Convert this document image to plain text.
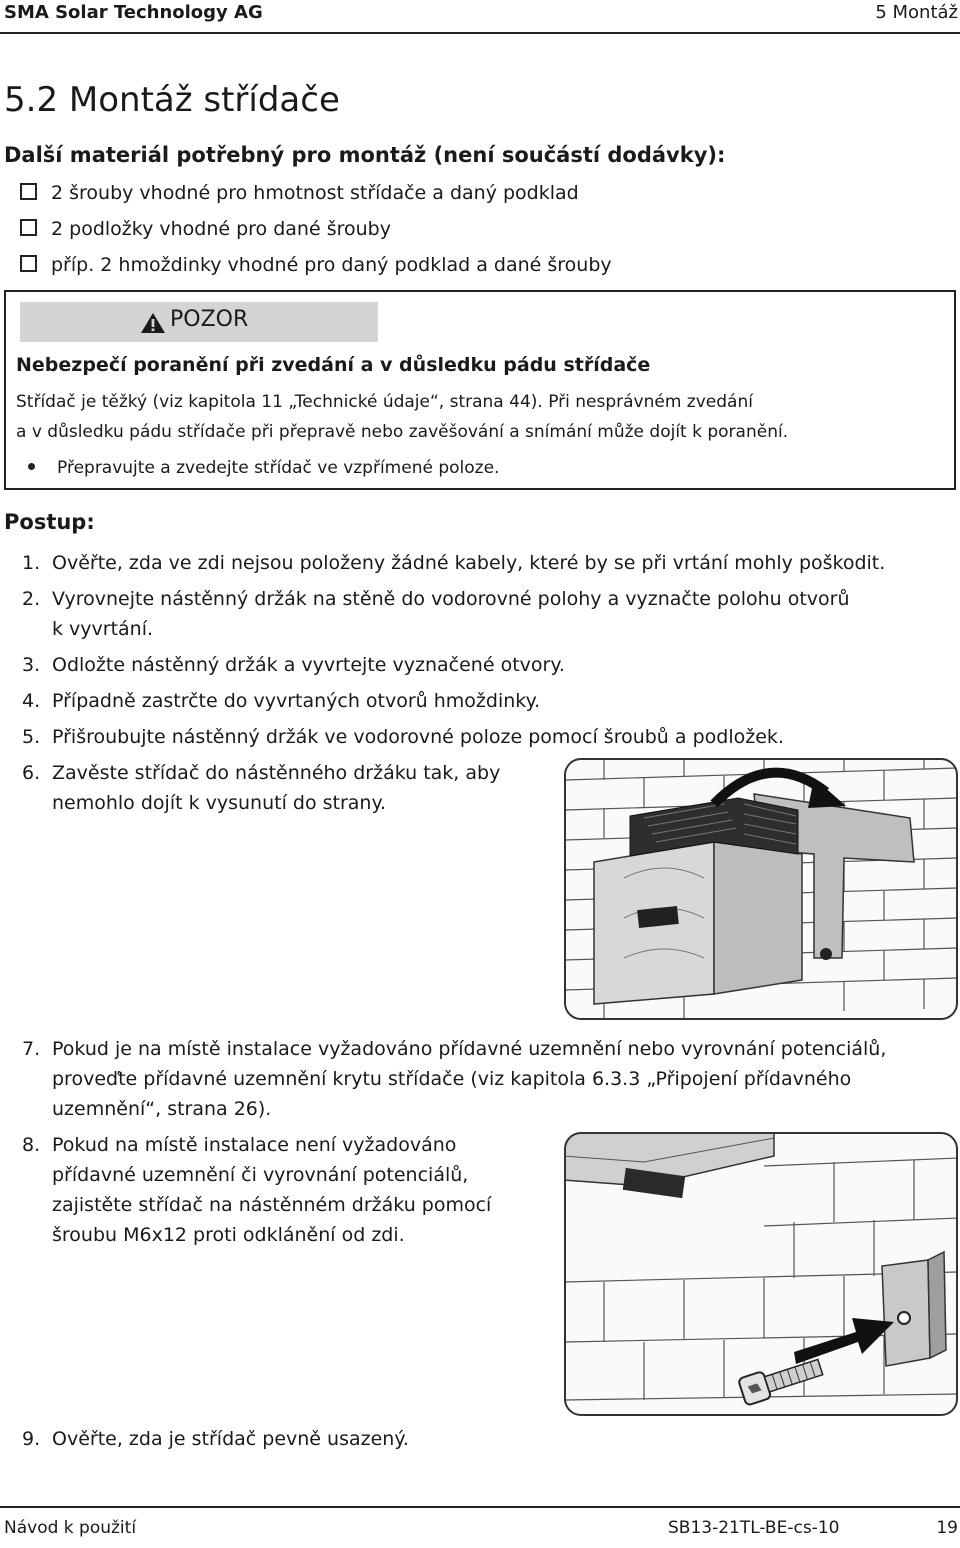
SMA Solar Technology AG	5 Montáž
5.2 Montáž střídače
Další materiál potřebný pro montáž (není součástí dodávky):
2 šrouby vhodné pro hmotnost střídače a daný podklad
2 podložky vhodné pro dané šrouby
příp. 2 hmoždinky vhodné pro daný podklad a dané šrouby
POZOR
Nebezpečí poranění při zvedání a v důsledku pádu střídače
Střídač je těžký (viz kapitola 11 „Technické údaje“, strana 44). Při nesprávném zvedání
a v důsledku pádu střídače při přepravě nebo zavěšování a snímání může dojít k poranění.
Přepravujte a zvedejte střídač ve vzpřímené poloze.
Postup:
1. Ověřte, zda ve zdi nejsou položeny žádné kabely, které by se při vrtání mohly poškodit.
2. Vyrovnejte nástěnný držák na stěně do vodorovné polohy a vyznačte polohu otvorů
k vyvrtání.
3. Odložte nástěnný držák a vyvrtejte vyznačené otvory.
4. Případně zastrčte do vyvrtaných otvorů hmoždinky.
5. Přišroubujte nástěnný držák ve vodorovné poloze pomocí šroubů a podložek.
6. Zavěste střídač do nástěnného držáku tak, aby
nemohlo dojít k vysunutí do strany.
7. Pokud je na místě instalace vyžadováno přídavné uzemnění nebo vyrovnání potenciálů,
proveďte přídavné uzemnění krytu střídače (viz kapitola 6.3.3 „Připojení přídavného
uzemnění“, strana 26).
8. Pokud na místě instalace není vyžadováno
přídavné uzemnění či vyrovnání potenciálů,
zajistěte střídač na nástěnném držáku pomocí
šroubu M6x12 proti odklánění od zdi.
9. Ověřte, zda je střídač pevně usazený.
Návod k použití	SB13-21TL-BE-cs-10	19
